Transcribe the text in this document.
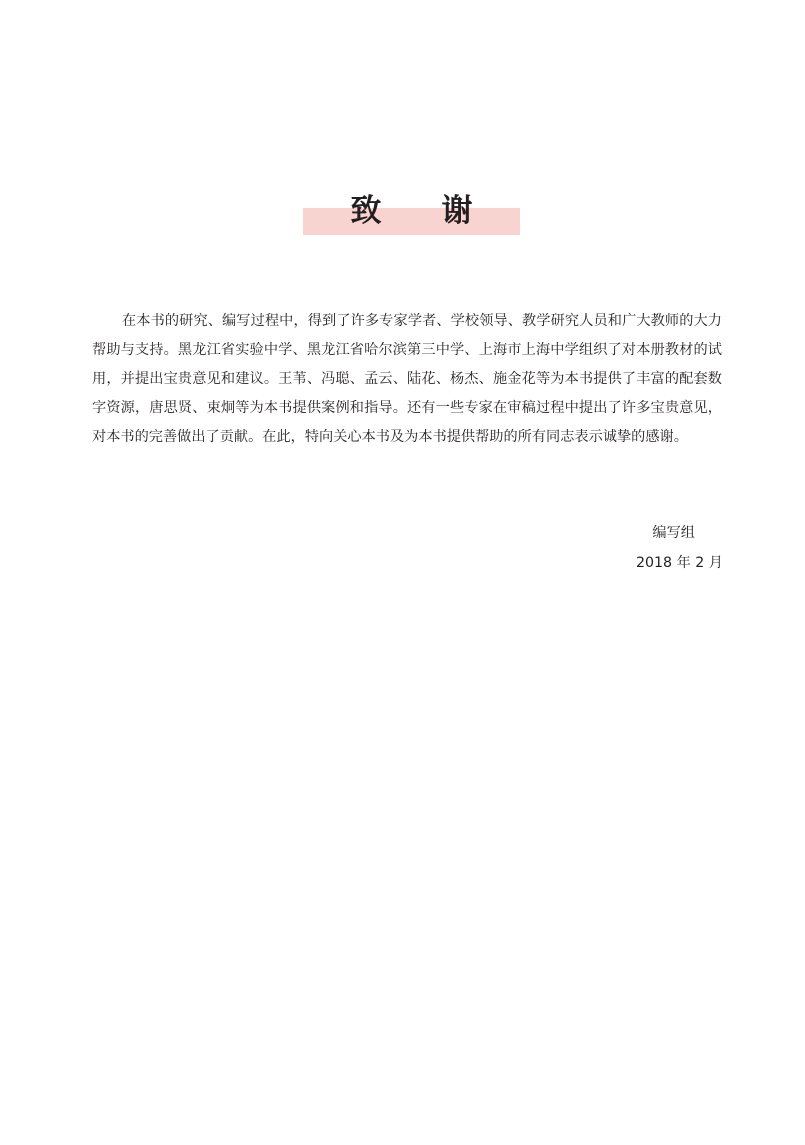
致 谢

在本书的研究、编写过程中，得到了许多专家学者、学校领导、教学研究人员和广大教师的大力帮助与支持。黑龙江省实验中学、黑龙江省哈尔滨第三中学、上海市上海中学组织了对本册教材的试用，并提出宝贵意见和建议。王苇、冯聪、孟云、陆花、杨杰、施金花等为本书提供了丰富的配套数字资源，唐思贤、束炯等为本书提供案例和指导。还有一些专家在审稿过程中提出了许多宝贵意见，对本书的完善做出了贡献。在此，特向关心本书及为本书提供帮助的所有同志表示诚挚的感谢。

编写组
2018 年 2 月
